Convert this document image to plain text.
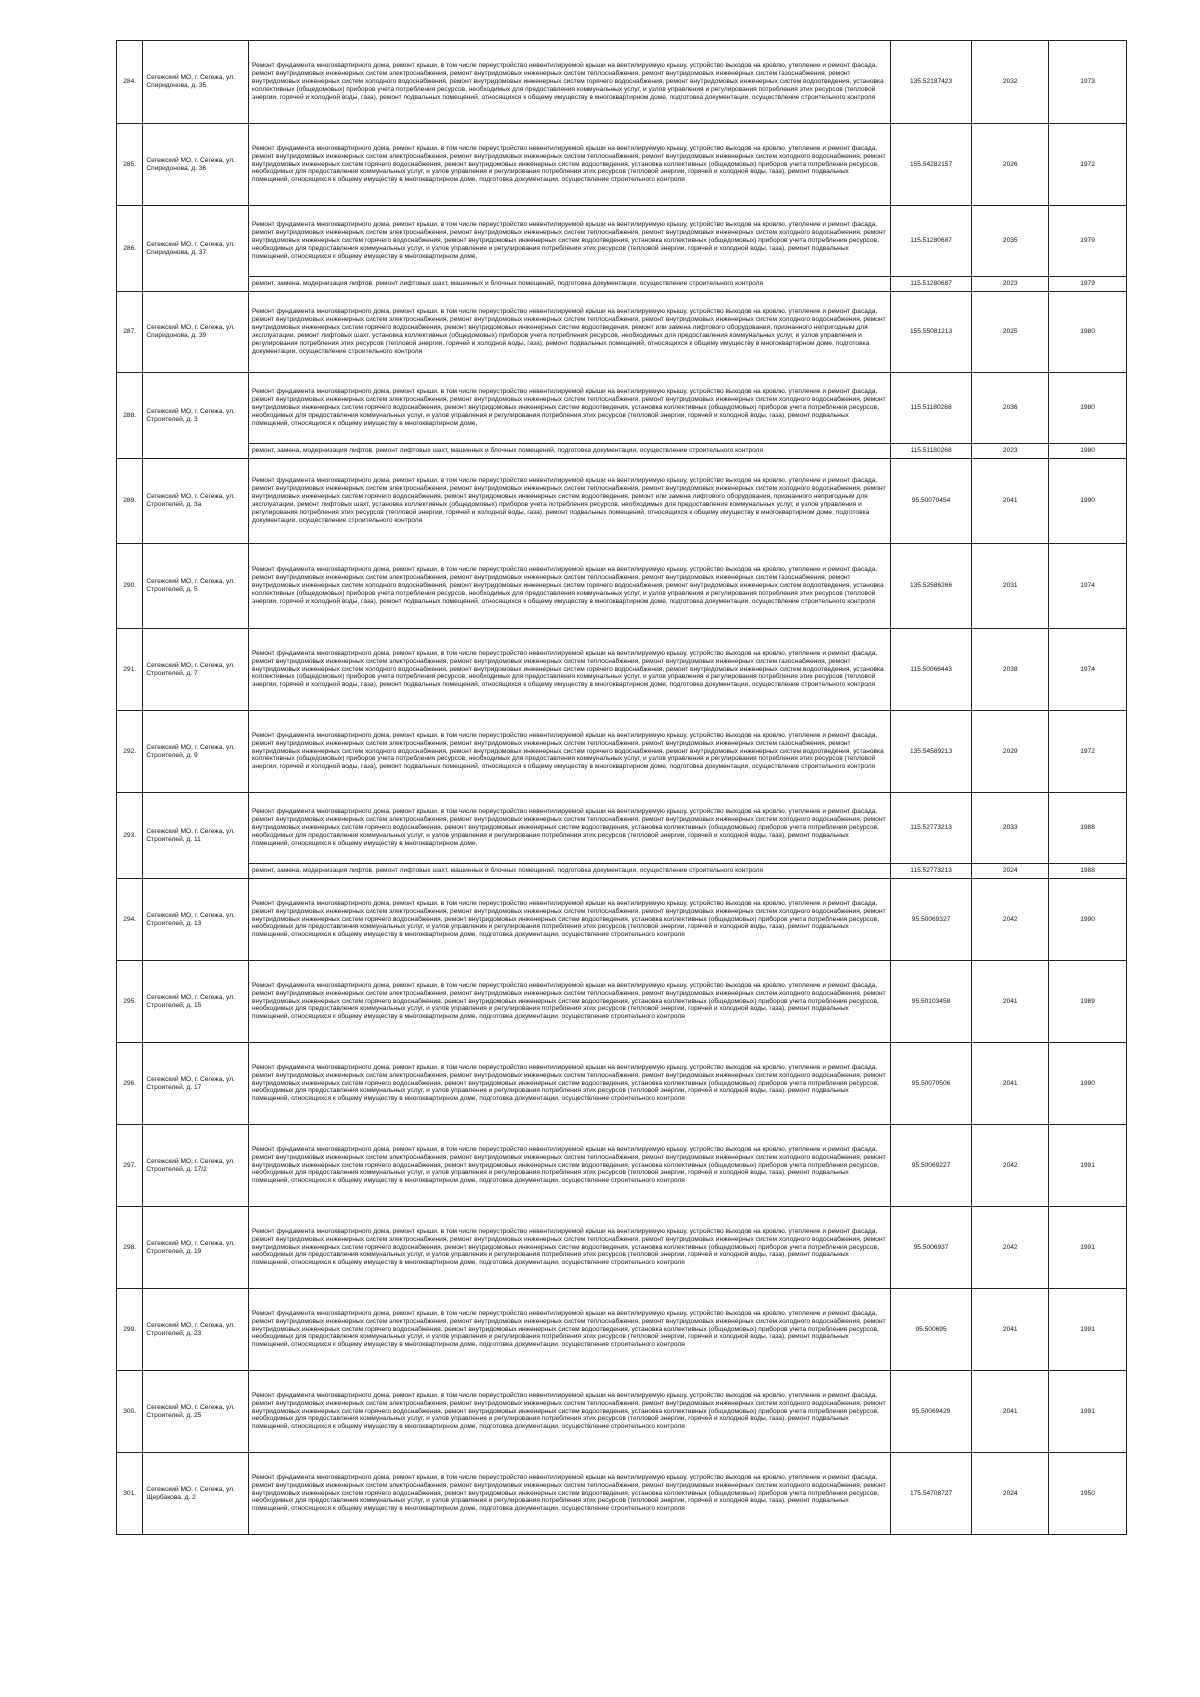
284.	Сегежский МО, г. Сегежа, ул. Спиридонова, д. 35	Ремонт фундамента многоквартирного дома, ремонт крыши, в том числе переустройство невентилируемой крыши на вентилируемую крышу, устройство выходов на кровлю, утепление и ремонт фасада, ремонт внутридомовых инженерных систем электроснабжения, ремонт внутридомовых инженерных систем теплоснабжения, ремонт внутридомовых инженерных систем газоснабжения, ремонт внутридомовых инженерных систем холодного водоснабжения, ремонт внутридомовых инженерных систем горячего водоснабжения, ремонт внутридомовых инженерных систем водоотведения, установка коллективных (общедомовых) приборов учета потребления ресурсов, необходимых для предоставления коммунальных услуг, и узлов управления и регулирования потребления этих ресурсов (тепловой энергии, горячей и холодной воды, газа), ремонт подвальных помещений, относящихся к общему имуществу в многоквартирном доме, подготовка документации, осуществление строительного контроля	135.52187423	2032	1973
285.	Сегежский МО, г. Сегежа, ул. Спиридонова, д. 36	Ремонт фундамента многоквартирного дома, ремонт крыши, в том числе переустройство невентилируемой крыши на вентилируемую крышу, устройство выходов на кровлю, утепление и ремонт фасада, ремонт внутридомовых инженерных систем электроснабжения, ремонт внутридомовых инженерных систем теплоснабжения, ремонт внутридомовых инженерных систем холодного водоснабжения, ремонт внутридомовых инженерных систем горячего водоснабжения, ремонт внутридомовых инженерных систем водоотведения, установка коллективных (общедомовых) приборов учета потребления ресурсов, необходимых для предоставления коммунальных услуг, и узлов управления и регулирования потребления этих ресурсов (тепловой энергии, горячей и холодной воды, газа), ремонт подвальных помещений, относящихся к общему имуществу в многоквартирном доме, подготовка документации, осуществление строительного контроля	155.54282157	2026	1972
286.	Сегежский МО, г. Сегежа, ул. Спиридонова, д. 37	Ремонт фундамента многоквартирного дома, ремонт крыши, в том числе переустройство невентилируемой крыши на вентилируемую крышу, устройство выходов на кровлю, утепление и ремонт фасада, ремонт внутридомовых инженерных систем электроснабжения, ремонт внутридомовых инженерных систем теплоснабжения, ремонт внутридомовых инженерных систем холодного водоснабжения, ремонт внутридомовых инженерных систем горячего водоснабжения, ремонт внутридомовых инженерных систем водоотведения, установка коллективных (общедомовых) приборов учета потребления ресурсов, необходимых для предоставления коммунальных услуг, и узлов управления и регулирования потребления этих ресурсов (тепловой энергии, горячей и холодной воды, газа), ремонт подвальных помещений, относящихся к общему имуществу в многоквартирном доме,	115.51280687	2035	1979
		ремонт, замена, модернизация лифтов, ремонт лифтовых шахт, машинных и блочных помещений, подготовка документации, осуществление строительного контроля	115.51280687	2023	1979
287.	Сегежский МО, г. Сегежа, ул. Спиридонова, д. 39	Ремонт фундамента многоквартирного дома, ремонт крыши, в том числе переустройство невентилируемой крыши на вентилируемую крышу, устройство выходов на кровлю, утепление и ремонт фасада, ремонт внутридомовых инженерных систем электроснабжения, ремонт внутридомовых инженерных систем теплоснабжения, ремонт внутридомовых инженерных систем холодного водоснабжения, ремонт внутридомовых инженерных систем горячего водоснабжения, ремонт внутридомовых инженерных систем водоотведения, ремонт или замена лифтового оборудования, признанного непригодным для эксплуатации, ремонт лифтовых шахт, установка коллективных (общедомовых) приборов учета потребления ресурсов, необходимых для предоставления коммунальных услуг, и узлов управления и регулирования потребления этих ресурсов (тепловой энергии, горячей и холодной воды, газа), ремонт подвальных помещений, относящихся к общему имуществу в многоквартирном доме, подготовка документации, осуществление строительного контроля	155.55081213	2025	1980
288.	Сегежский МО, г. Сегежа, ул. Строителей, д. 3	Ремонт фундамента многоквартирного дома, ремонт крыши, в том числе переустройство невентилируемой крыши на вентилируемую крышу, устройство выходов на кровлю, утепление и ремонт фасада, ремонт внутридомовых инженерных систем электроснабжения, ремонт внутридомовых инженерных систем теплоснабжения, ремонт внутридомовых инженерных систем холодного водоснабжения, ремонт внутридомовых инженерных систем горячего водоснабжения, ремонт внутридомовых инженерных систем водоотведения, установка коллективных (общедомовых) приборов учета потребления ресурсов, необходимых для предоставления коммунальных услуг, и узлов управления и регулирования потребления этих ресурсов (тепловой энергии, горячей и холодной воды, газа), ремонт подвальных помещений, относящихся к общему имуществу в многоквартирном доме,	115.51180268	2036	1980
		ремонт, замена, модернизация лифтов, ремонт лифтовых шахт, машинных и блочных помещений, подготовка документации, осуществление строительного контроля	115.51180268	2023	1980
289.	Сегежский МО, г. Сегежа, ул. Строителей, д. 3а	Ремонт фундамента многоквартирного дома, ремонт крыши, в том числе переустройство невентилируемой крыши на вентилируемую крышу, устройство выходов на кровлю, утепление и ремонт фасада, ремонт внутридомовых инженерных систем электроснабжения, ремонт внутридомовых инженерных систем теплоснабжения, ремонт внутридомовых инженерных систем холодного водоснабжения, ремонт внутридомовых инженерных систем горячего водоснабжения, ремонт внутридомовых инженерных систем водоотведения, ремонт или замена лифтового оборудования, признанного непригодным для эксплуатации, ремонт лифтовых шахт, установка коллективных (общедомовых) приборов учета потребления ресурсов, необходимых для предоставления коммунальных услуг, и узлов управления и регулирования потребления этих ресурсов (тепловой энергии, горячей и холодной воды, газа), ремонт подвальных помещений, относящихся к общему имуществу в многоквартирном доме, подготовка документации, осуществление строительного контроля	95.50070454	2041	1990
290.	Сегежский МО, г. Сегежа, ул. Строителей, д. 5	Ремонт фундамента многоквартирного дома, ремонт крыши, в том числе переустройство невентилируемой крыши на вентилируемую крышу, устройство выходов на кровлю, утепление и ремонт фасада, ремонт внутридомовых инженерных систем электроснабжения, ремонт внутридомовых инженерных систем теплоснабжения, ремонт внутридомовых инженерных систем газоснабжения, ремонт внутридомовых инженерных систем холодного водоснабжения, ремонт внутридомовых инженерных систем горячего водоснабжения, ремонт внутридомовых инженерных систем водоотведения, установка коллективных (общедомовых) приборов учета потребления ресурсов, необходимых для предоставления коммунальных услуг, и узлов управления и регулирования потребления этих ресурсов (тепловой энергии, горячей и холодной воды, газа), ремонт подвальных помещений, относящихся к общему имуществу в многоквартирном доме, подготовка документации, осуществление строительного контроля	135.52586266	2031	1974
291.	Сегежский МО, г. Сегежа, ул. Строителей, д. 7	Ремонт фундамента многоквартирного дома, ремонт крыши, в том числе переустройство невентилируемой крыши на вентилируемую крышу, устройство выходов на кровлю, утепление и ремонт фасада, ремонт внутридомовых инженерных систем электроснабжения, ремонт внутридомовых инженерных систем теплоснабжения, ремонт внутридомовых инженерных систем газоснабжения, ремонт внутридомовых инженерных систем холодного водоснабжения, ремонт внутридомовых инженерных систем горячего водоснабжения, ремонт внутридомовых инженерных систем водоотведения, установка коллективных (общедомовых) приборов учета потребления ресурсов, необходимых для предоставления коммунальных услуг, и узлов управления и регулирования потребления этих ресурсов (тепловой энергии, горячей и холодной воды, газа), ремонт подвальных помещений, относящихся к общему имуществу в многоквартирном доме, подготовка документации, осуществление строительного контроля	115.50066443	2038	1974
292.	Сегежский МО, г. Сегежа, ул. Строителей, д. 9	Ремонт фундамента многоквартирного дома, ремонт крыши, в том числе переустройство невентилируемой крыши на вентилируемую крышу, устройство выходов на кровлю, утепление и ремонт фасада, ремонт внутридомовых инженерных систем электроснабжения, ремонт внутридомовых инженерных систем теплоснабжения, ремонт внутридомовых инженерных систем газоснабжения, ремонт внутридомовых инженерных систем холодного водоснабжения, ремонт внутридомовых инженерных систем горячего водоснабжения, ремонт внутридомовых инженерных систем водоотведения, установка коллективных (общедомовых) приборов учета потребления ресурсов, необходимых для предоставления коммунальных услуг, и узлов управления и регулирования потребления этих ресурсов (тепловой энергии, горячей и холодной воды, газа), ремонт подвальных помещений, относящихся к общему имуществу в многоквартирном доме, подготовка документации, осуществление строительного контроля	135.54589213	2029	1972
293.	Сегежский МО, г. Сегежа, ул. Строителей, д. 11	Ремонт фундамента многоквартирного дома, ремонт крыши, в том числе переустройство невентилируемой крыши на вентилируемую крышу, устройство выходов на кровлю, утепление и ремонт фасада, ремонт внутридомовых инженерных систем электроснабжения, ремонт внутридомовых инженерных систем теплоснабжения, ремонт внутридомовых инженерных систем холодного водоснабжения, ремонт внутридомовых инженерных систем горячего водоснабжения, ремонт внутридомовых инженерных систем водоотведения, установка коллективных (общедомовых) приборов учета потребления ресурсов, необходимых для предоставления коммунальных услуг, и узлов управления и регулирования потребления этих ресурсов (тепловой энергии, горячей и холодной воды, газа), ремонт подвальных помещений, относящихся к общему имуществу в многоквартирном доме,	115.52773213	2033	1988
		ремонт, замена, модернизация лифтов, ремонт лифтовых шахт, машинных и блочных помещений, подготовка документации, осуществление строительного контроля	115.52773213	2024	1988
294.	Сегежский МО, г. Сегежа, ул. Строителей, д. 13	Ремонт фундамента многоквартирного дома, ремонт крыши, в том числе переустройство невентилируемой крыши на вентилируемую крышу, устройство выходов на кровлю, утепление и ремонт фасада, ремонт внутридомовых инженерных систем электроснабжения, ремонт внутридомовых инженерных систем теплоснабжения, ремонт внутридомовых инженерных систем холодного водоснабжения, ремонт внутридомовых инженерных систем горячего водоснабжения, ремонт внутридомовых инженерных систем водоотведения, установка коллективных (общедомовых) приборов учета потребления ресурсов, необходимых для предоставления коммунальных услуг, и узлов управления и регулирования потребления этих ресурсов (тепловой энергии, горячей и холодной воды, газа), ремонт подвальных помещений, относящихся к общему имуществу в многоквартирном доме, подготовка документации, осуществление строительного контроля	95.50069327	2042	1990
295.	Сегежский МО, г. Сегежа, ул. Строителей, д. 15	Ремонт фундамента многоквартирного дома, ремонт крыши, в том числе переустройство невентилируемой крыши на вентилируемую крышу, устройство выходов на кровлю, утепление и ремонт фасада, ремонт внутридомовых инженерных систем электроснабжения, ремонт внутридомовых инженерных систем теплоснабжения, ремонт внутридомовых инженерных систем холодного водоснабжения, ремонт внутридомовых инженерных систем горячего водоснабжения, ремонт внутридомовых инженерных систем водоотведения, установка коллективных (общедомовых) приборов учета потребления ресурсов, необходимых для предоставления коммунальных услуг, и узлов управления и регулирования потребления этих ресурсов (тепловой энергии, горячей и холодной воды, газа), ремонт подвальных помещений, относящихся к общему имуществу в многоквартирном доме, подготовка документации, осуществление строительного контроля	95.50103458	2041	1989
296.	Сегежский МО, г. Сегежа, ул. Строителей, д. 17	Ремонт фундамента многоквартирного дома, ремонт крыши, в том числе переустройство невентилируемой крыши на вентилируемую крышу, устройство выходов на кровлю, утепление и ремонт фасада, ремонт внутридомовых инженерных систем электроснабжения, ремонт внутридомовых инженерных систем теплоснабжения, ремонт внутридомовых инженерных систем холодного водоснабжения, ремонт внутридомовых инженерных систем горячего водоснабжения, ремонт внутридомовых инженерных систем водоотведения, установка коллективных (общедомовых) приборов учета потребления ресурсов, необходимых для предоставления коммунальных услуг, и узлов управления и регулирования потребления этих ресурсов (тепловой энергии, горячей и холодной воды, газа), ремонт подвальных помещений, относящихся к общему имуществу в многоквартирном доме, подготовка документации, осуществление строительного контроля	95.50070506	2041	1990
297.	Сегежский МО, г. Сегежа, ул. Строителей, д. 17/2	Ремонт фундамента многоквартирного дома, ремонт крыши, в том числе переустройство невентилируемой крыши на вентилируемую крышу, устройство выходов на кровлю, утепление и ремонт фасада, ремонт внутридомовых инженерных систем электроснабжения, ремонт внутридомовых инженерных систем теплоснабжения, ремонт внутридомовых инженерных систем холодного водоснабжения, ремонт внутридомовых инженерных систем горячего водоснабжения, ремонт внутридомовых инженерных систем водоотведения, установка коллективных (общедомовых) приборов учета потребления ресурсов, необходимых для предоставления коммунальных услуг, и узлов управления и регулирования потребления этих ресурсов (тепловой энергии, горячей и холодной воды, газа), ремонт подвальных помещений, относящихся к общему имуществу в многоквартирном доме, подготовка документации, осуществление строительного контроля	95.50069227	2042	1991
298.	Сегежский МО, г. Сегежа, ул. Строителей, д. 19	Ремонт фундамента многоквартирного дома, ремонт крыши, в том числе переустройство невентилируемой крыши на вентилируемую крышу, устройство выходов на кровлю, утепление и ремонт фасада, ремонт внутридомовых инженерных систем электроснабжения, ремонт внутридомовых инженерных систем теплоснабжения, ремонт внутридомовых инженерных систем холодного водоснабжения, ремонт внутридомовых инженерных систем горячего водоснабжения, ремонт внутридомовых инженерных систем водоотведения, установка коллективных (общедомовых) приборов учета потребления ресурсов, необходимых для предоставления коммунальных услуг, и узлов управления и регулирования потребления этих ресурсов (тепловой энергии, горячей и холодной воды, газа), ремонт подвальных помещений, относящихся к общему имуществу в многоквартирном доме, подготовка документации, осуществление строительного контроля	95.5006937	2042	1991
299.	Сегежский МО, г. Сегежа, ул. Строителей, д. 23	Ремонт фундамента многоквартирного дома, ремонт крыши, в том числе переустройство невентилируемой крыши на вентилируемую крышу, устройство выходов на кровлю, утепление и ремонт фасада, ремонт внутридомовых инженерных систем электроснабжения, ремонт внутридомовых инженерных систем теплоснабжения, ремонт внутридомовых инженерных систем холодного водоснабжения, ремонт внутридомовых инженерных систем горячего водоснабжения, ремонт внутридомовых инженерных систем водоотведения, установка коллективных (общедомовых) приборов учета потребления ресурсов, необходимых для предоставления коммунальных услуг, и узлов управления и регулирования потребления этих ресурсов (тепловой энергии, горячей и холодной воды, газа), ремонт подвальных помещений, относящихся к общему имуществу в многоквартирном доме, подготовка документации, осуществление строительного контроля	95.500695	2041	1991
300.	Сегежский МО, г. Сегежа, ул. Строителей, д. 25	Ремонт фундамента многоквартирного дома, ремонт крыши, в том числе переустройство невентилируемой крыши на вентилируемую крышу, устройство выходов на кровлю, утепление и ремонт фасада, ремонт внутридомовых инженерных систем электроснабжения, ремонт внутридомовых инженерных систем теплоснабжения, ремонт внутридомовых инженерных систем холодного водоснабжения, ремонт внутридомовых инженерных систем горячего водоснабжения, ремонт внутридомовых инженерных систем водоотведения, установка коллективных (общедомовых) приборов учета потребления ресурсов, необходимых для предоставления коммунальных услуг, и узлов управления и регулирования потребления этих ресурсов (тепловой энергии, горячей и холодной воды, газа), ремонт подвальных помещений, относящихся к общему имуществу в многоквартирном доме, подготовка документации, осуществление строительного контроля	95.50069429	2041	1991
301.	Сегежский МО, г. Сегежа, ул. Щербакова, д. 2	Ремонт фундамента многоквартирного дома, ремонт крыши, в том числе переустройство невентилируемой крыши на вентилируемую крышу, устройство выходов на кровлю, утепление и ремонт фасада, ремонт внутридомовых инженерных систем электроснабжения, ремонт внутридомовых инженерных систем теплоснабжения, ремонт внутридомовых инженерных систем холодного водоснабжения, ремонт внутридомовых инженерных систем горячего водоснабжения, ремонт внутридомовых инженерных систем водоотведения, установка коллективных (общедомовых) приборов учета потребления ресурсов, необходимых для предоставления коммунальных услуг, и узлов управления и регулирования потребления этих ресурсов (тепловой энергии, горячей и холодной воды, газа), ремонт подвальных помещений, относящихся к общему имуществу в многоквартирном доме, подготовка документации, осуществление строительного контроля	175.54708727	2024	1950
